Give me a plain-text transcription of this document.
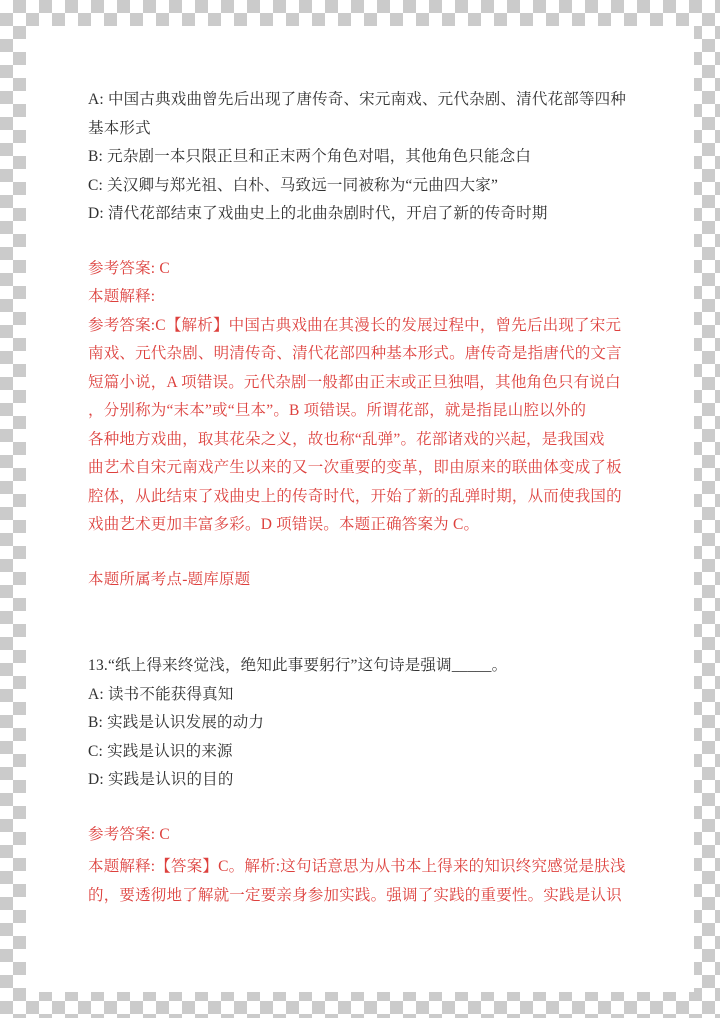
A: 中国古典戏曲曾先后出现了唐传奇、宋元南戏、元代杂剧、清代花部等四种
基本形式
B: 元杂剧一本只限正旦和正末两个角色对唱，其他角色只能念白
C: 关汉卿与郑光祖、白朴、马致远一同被称为“元曲四大家”
D: 清代花部结束了戏曲史上的北曲杂剧时代，开启了新的传奇时期
参考答案: C
本题解释:
参考答案:C【解析】中国古典戏曲在其漫长的发展过程中，曾先后出现了宋元
南戏、元代杂剧、明清传奇、清代花部四种基本形式。唐传奇是指唐代的文言
短篇小说，A 项错误。元代杂剧一般都由正末或正旦独唱，其他角色只有说白
，分别称为“末本”或“旦本”。B 项错误。所谓花部，就是指昆山腔以外的
各种地方戏曲，取其花朵之义，故也称“乱弹”。花部诸戏的兴起，是我国戏
曲艺术自宋元南戏产生以来的又一次重要的变革，即由原来的联曲体变成了板
腔体，从此结束了戏曲史上的传奇时代，开始了新的乱弹时期，从而使我国的
戏曲艺术更加丰富多彩。D 项错误。本题正确答案为 C。
本题所属考点-题库原题
13.“纸上得来终觉浅，绝知此事要躬行”这句诗是强调_____。
A: 读书不能获得真知
B: 实践是认识发展的动力
C: 实践是认识的来源
D: 实践是认识的目的
参考答案: C
本题解释:【答案】C。解析:这句话意思为从书本上得来的知识终究感觉是肤浅
的，要透彻地了解就一定要亲身参加实践。强调了实践的重要性。实践是认识
